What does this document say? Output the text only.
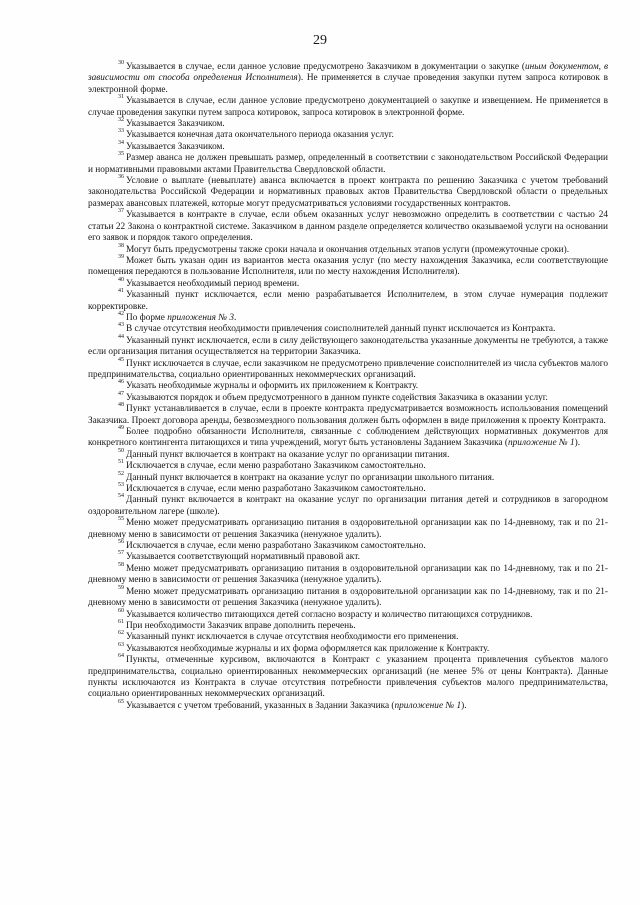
29

$^{30}$ Указывается в случае, если данное условие предусмотрено Заказчиком в документации о закупке (иным документом, в зависимости от способа определения Исполнителя). Не применяется в случае проведения закупки путем запроса котировок в электронной форме.

$^{31}$ Указывается в случае, если данное условие предусмотрено документацией о закупке и извещением. Не применяется в случае проведения закупки путем запроса котировок, запроса котировок в электронной форме.

$^{32}$ Указывается Заказчиком.

$^{33}$ Указывается конечная дата окончательного периода оказания услуг.

$^{34}$ Указывается Заказчиком.

$^{35}$ Размер аванса не должен превышать размер, определенный в соответствии с законодательством Российской Федерации и нормативными правовыми актами Правительства Свердловской области.

$^{36}$ Условие о выплате (невыплате) аванса включается в проект контракта по решению Заказчика с учетом требований законодательства Российской Федерации и нормативных правовых актов Правительства Свердловской области о предельных размерах авансовых платежей, которые могут предусматриваться условиями государственных контрактов.

$^{37}$ Указывается в контракте в случае, если объем оказанных услуг невозможно определить в соответствии с частью 24 статьи 22 Закона о контрактной системе. Заказчиком в данном разделе определяется количество оказываемой услуги на основании его заявок и порядок такого определения.

$^{38}$ Могут быть предусмотрены также сроки начала и окончания отдельных этапов услуги (промежуточные сроки).

$^{39}$ Может быть указан один из вариантов места оказания услуг (по месту нахождения Заказчика, если соответствующие помещения передаются в пользование Исполнителя, или по месту нахождения Исполнителя).

$^{40}$ Указывается необходимый период времени.

$^{41}$ Указанный пункт исключается, если меню разрабатывается Исполнителем, в этом случае нумерация подлежит корректировке.

$^{42}$ По форме приложения № 3.

$^{43}$ В случае отсутствия необходимости привлечения соисполнителей данный пункт исключается из Контракта.

$^{44}$ Указанный пункт исключается, если в силу действующего законодательства указанные документы не требуются, а также если организация питания осуществляется на территории Заказчика.

$^{45}$ Пункт исключается в случае, если заказчиком не предусмотрено привлечение соисполнителей из числа субъектов малого предпринимательства, социально ориентированных некоммерческих организаций.

$^{46}$ Указать необходимые журналы и оформить их приложением к Контракту.

$^{47}$ Указываются порядок и объем предусмотренного в данном пункте содействия Заказчика в оказании услуг.

$^{48}$ Пункт устанавливается в случае, если в проекте контракта предусматривается возможность использования помещений Заказчика. Проект договора аренды, безвозмездного пользования должен быть оформлен в виде приложения к проекту Контракта.

$^{49}$ Более подробно обязанности Исполнителя, связанные с соблюдением действующих нормативных документов для конкретного контингента питающихся и типа учреждений, могут быть установлены Заданием Заказчика (приложение № 1).

$^{50}$ Данный пункт включается в контракт на оказание услуг по организации питания.

$^{51}$ Исключается в случае, если меню разработано Заказчиком самостоятельно.

$^{52}$ Данный пункт включается в контракт на оказание услуг по организации школьного питания.

$^{53}$ Исключается в случае, если меню разработано Заказчиком самостоятельно.

$^{54}$ Данный пункт включается в контракт на оказание услуг по организации питания детей и сотрудников в загородном оздоровительном лагере (школе).

$^{55}$ Меню может предусматривать организацию питания в оздоровительной организации как по 14-дневному, так и по 21-дневному меню в зависимости от решения Заказчика (ненужное удалить).

$^{56}$ Исключается в случае, если меню разработано Заказчиком самостоятельно.

$^{57}$ Указывается соответствующий нормативный правовой акт.

$^{58}$ Меню может предусматривать организацию питания в оздоровительной организации как по 14-дневному, так и по 21-дневному меню в зависимости от решения Заказчика (ненужное удалить).

$^{59}$ Меню может предусматривать организацию питания в оздоровительной организации как по 14-дневному, так и по 21-дневному меню в зависимости от решения Заказчика (ненужное удалить).

$^{60}$ Указывается количество питающихся детей согласно возрасту и количество питающихся сотрудников.

$^{61}$ При необходимости Заказчик вправе дополнить перечень.

$^{62}$ Указанный пункт исключается в случае отсутствия необходимости его применения.

$^{63}$ Указываются необходимые журналы и их форма оформляется как приложение к Контракту.

$^{64}$ Пункты, отмеченные курсивом, включаются в Контракт с указанием процента привлечения субъектов малого предпринимательства, социально ориентированных некоммерческих организаций (не менее 5% от цены Контракта). Данные пункты исключаются из Контракта в случае отсутствия потребности привлечения субъектов малого предпринимательства, социально ориентированных некоммерческих организаций.

$^{65}$ Указывается с учетом требований, указанных в Задании Заказчика (приложение № 1).
